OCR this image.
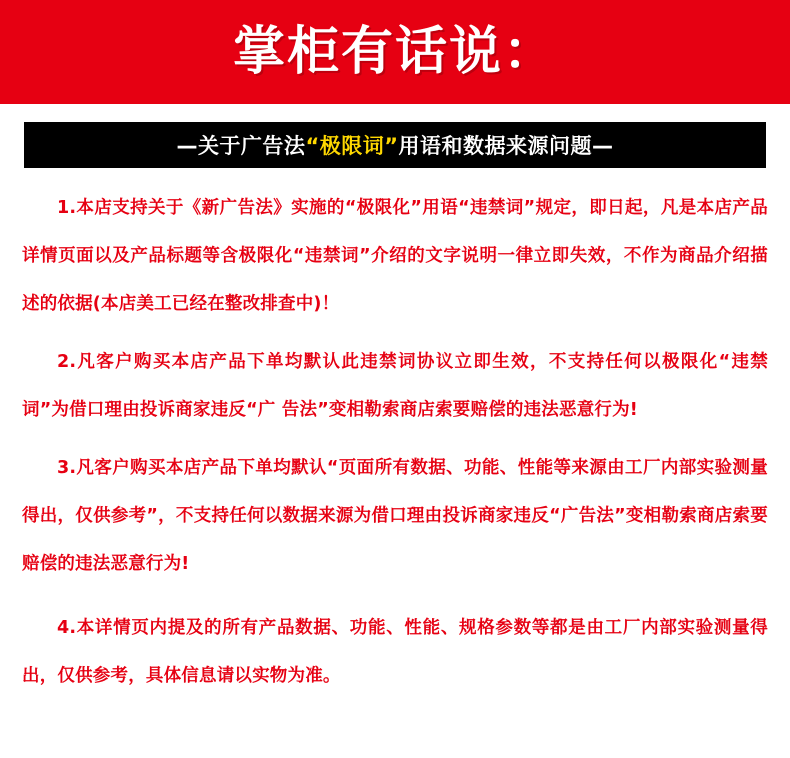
掌柜有话说：
—关于广告法“极限词”用语和数据来源问题—

1.本店支持关于《新广告法》实施的“极限化”用语“违禁词”规定，即日起，凡是本店产品详情页面以及产品标题等含极限化“违禁词”介绍的文字说明一律立即失效，不作为商品介绍描述的依据(本店美工已经在整改排查中)！

2.凡客户购买本店产品下单均默认此违禁词协议立即生效，不支持任何以极限化“违禁词”为借口理由投诉商家违反“广 告法”变相勒索商店索要赔偿的违法恶意行为!

3.凡客户购买本店产品下单均默认“页面所有数据、功能、性能等来源由工厂内部实验测量得出，仅供参考”，不支持任何以数据来源为借口理由投诉商家违反“广告法”变相勒索商店索要赔偿的违法恶意行为!

4.本详情页内提及的所有产品数据、功能、性能、规格参数等都是由工厂内部实验测量得出，仅供参考，具体信息请以实物为准。
